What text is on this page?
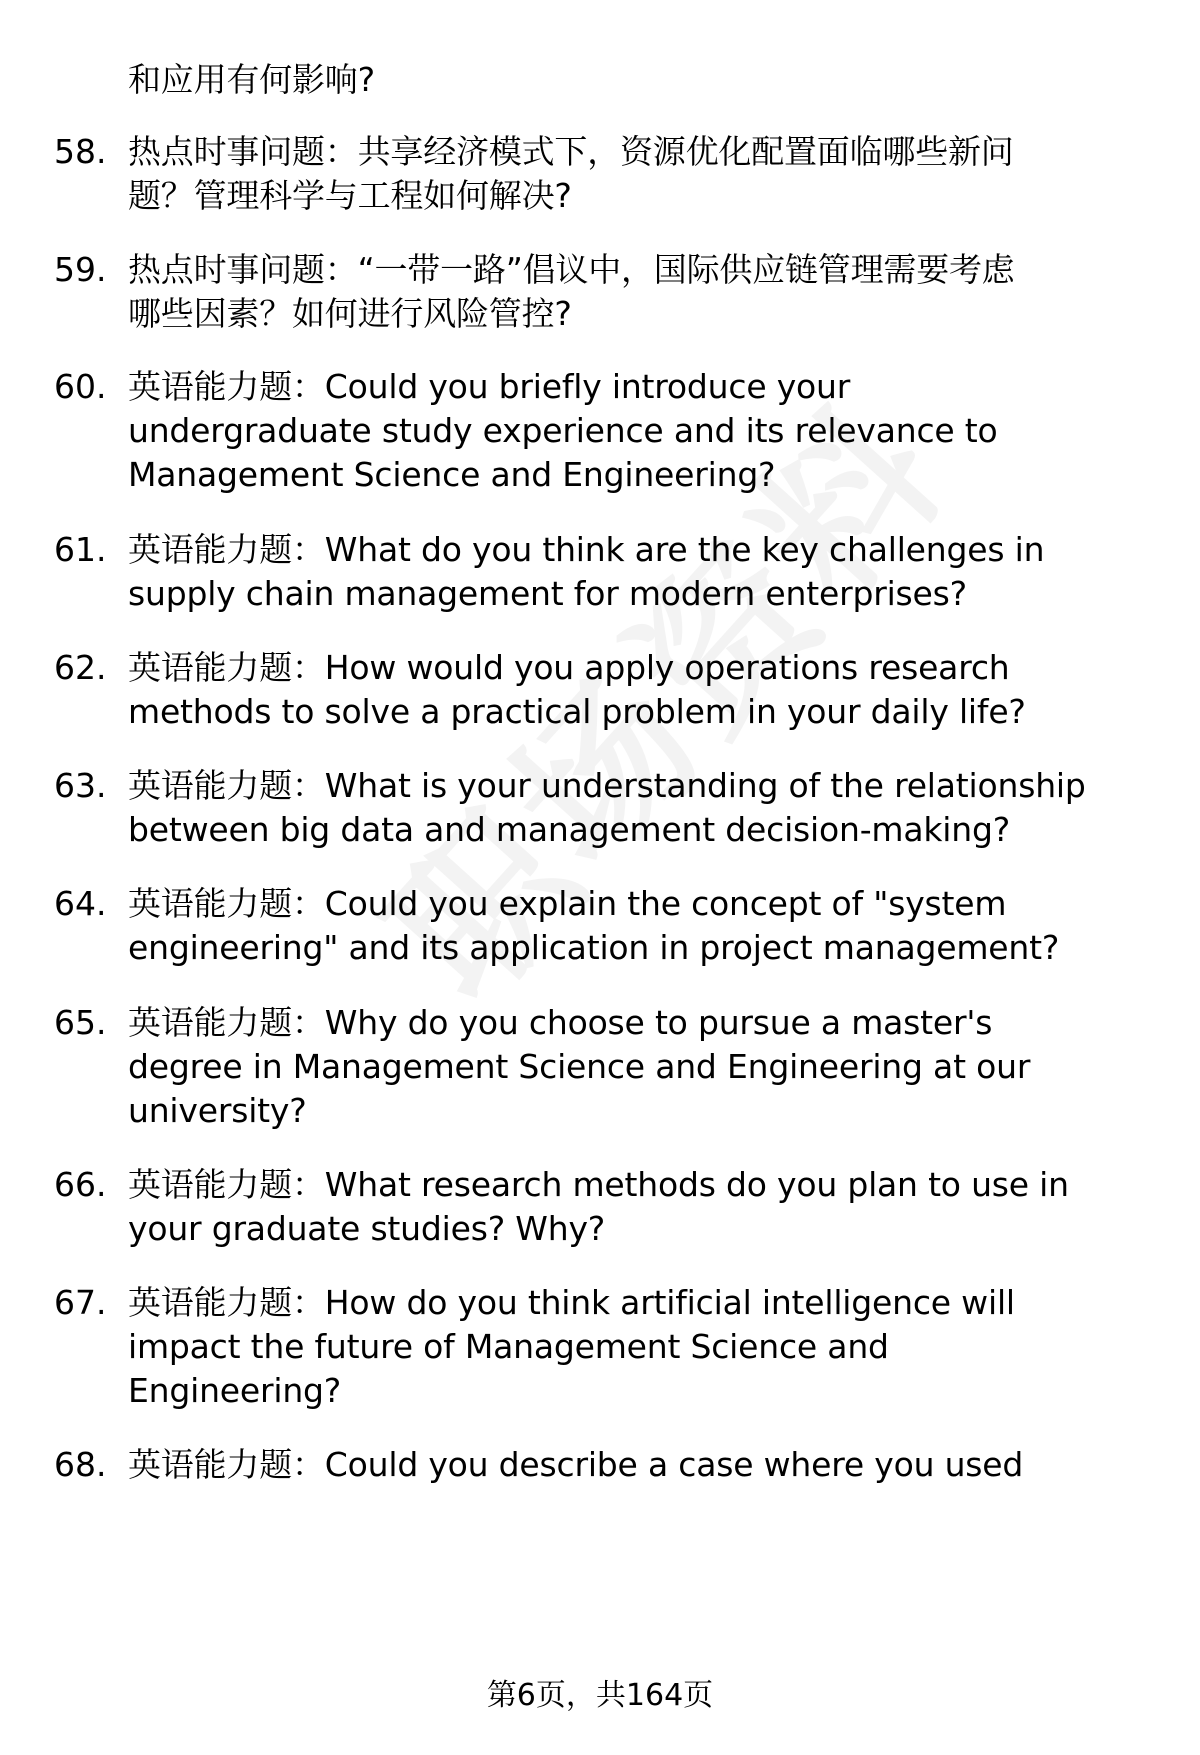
和应用有何影响?
58. 热点时事问题：共享经济模式下，资源优化配置面临哪些新问
题？管理科学与工程如何解决?
59. 热点时事问题：“一带一路”倡议中，国际供应链管理需要考虑
哪些因素？如何进行风险管控?
60. 英语能力题：Could you briefly introduce your
undergraduate study experience and its relevance to
Management Science and Engineering?
61. 英语能力题：What do you think are the key challenges in
supply chain management for modern enterprises?
62. 英语能力题：How would you apply operations research
methods to solve a practical problem in your daily life?
63. 英语能力题：What is your understanding of the relationship
between big data and management decision-making?
64. 英语能力题：Could you explain the concept of "system
engineering" and its application in project management?
65. 英语能力题：Why do you choose to pursue a master's
degree in Management Science and Engineering at our
university?
66. 英语能力题：What research methods do you plan to use in
your graduate studies? Why?
67. 英语能力题：How do you think artificial intelligence will
impact the future of Management Science and
Engineering?
68. 英语能力题：Could you describe a case where you used
第6页，共164页
